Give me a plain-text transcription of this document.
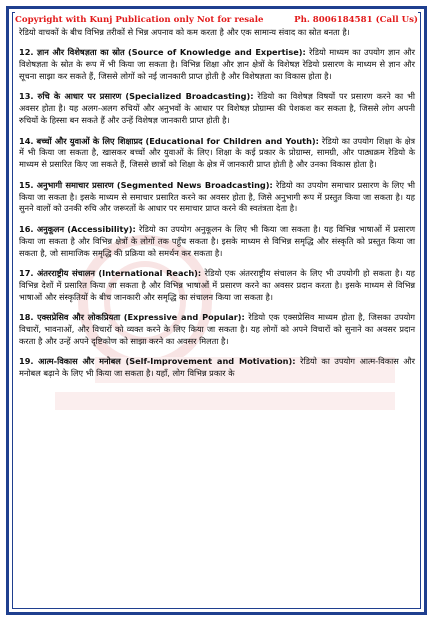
Copyright with Kunj Publication only Not for resale	Ph. 8006184581 (Call Us)

रेडियो वाचकों के बीच विभिन्न तरीकों से भिन्न अपनाव को कम करता है और एक सामान्य संवाद का स्रोत बनता है।

12. ज्ञान और विशेषज्ञता का स्रोत (Source of Knowledge and Expertise): रेडियो माध्यम का उपयोग ज्ञान और विशेषज्ञता के स्रोत के रूप में भी किया जा सकता है। विभिन्न शिक्षा और ज्ञान क्षेत्रों के विशेषज्ञ रेडियो प्रसारण के माध्यम से ज्ञान और सूचना साझा कर सकते हैं, जिससे लोगों को नई जानकारी प्राप्त होती है और विशेषज्ञता का विकास होता है।

13. रुचि के आधार पर प्रसारण (Specialized Broadcasting): रेडियो का विशेषज्ञ विषयों पर प्रसारण करने का भी अवसर होता है। यह अलग-अलग रुचियों और अनुभवों के आधार पर विशेषज्ञ प्रोग्राम्स की पेशकश कर सकता है, जिससे लोग अपनी रुचियों के हिस्सा बन सकते हैं और उन्हें विशेषज्ञ जानकारी प्राप्त होती है।

14. बच्चों और युवाओं के लिए शिक्षाप्रद (Educational for Children and Youth): रेडियो का उपयोग शिक्षा के क्षेत्र में भी किया जा सकता है, खासकर बच्चों और युवाओं के लिए। शिक्षा के कई प्रकार के प्रोग्राम्स, सामग्री, और पाठ्यक्रम रेडियो के माध्यम से प्रसारित किए जा सकते हैं, जिससे छात्रों को शिक्षा के क्षेत्र में जानकारी प्राप्त होती है और उनका विकास होता है।

15. अनुभागी समाचार प्रसारण (Segmented News Broadcasting): रेडियो का उपयोग समाचार प्रसारण के लिए भी किया जा सकता है। इसके माध्यम से समाचार प्रसारित करने का अवसर होता है, जिसे अनुभागी रूप में प्रस्तुत किया जा सकता है। यह सुनने वालों को उनकी रुचि और जरूरतों के आधार पर समाचार प्राप्त करने की स्वतंत्रता देता है।

16. अनुकूलन (Accessibility): रेडियो का उपयोग अनुकूलन के लिए भी किया जा सकता है। यह विभिन्न भाषाओं में प्रसारण किया जा सकता है और विभिन्न क्षेत्रों के लोगों तक पहुँच सकता है। इसके माध्यम से विभिन्न समृद्धि और संस्कृति को प्रस्तुत किया जा सकता है, जो सामाजिक समृद्धि की प्रक्रिया को समर्थन कर सकता है।

17. अंतरराष्ट्रीय संचालन (International Reach): रेडियो एक अंतरराष्ट्रीय संचालन के लिए भी उपयोगी हो सकता है। यह विभिन्न देशों में प्रसारित किया जा सकता है और विभिन्न भाषाओं में प्रसारण करने का अवसर प्रदान करता है। इसके माध्यम से विभिन्न भाषाओं और संस्कृतियों के बीच जानकारी और समृद्धि का संचालन किया जा सकता है।

18. एक्सप्रेसिव और लोकप्रियता (Expressive and Popular): रेडियो एक एक्सप्रेसिव माध्यम होता है, जिसका उपयोग विचारों, भावनाओं, और विचारों को व्यक्त करने के लिए किया जा सकता है। यह लोगों को अपने विचारों को सुनाने का अवसर प्रदान करता है और उन्हें अपने दृष्टिकोण को साझा करने का अवसर मिलता है।

19. आत्म-विकास और मनोबल (Self-Improvement and Motivation): रेडियो का उपयोग आत्म-विकास और मनोबल बढ़ाने के लिए भी किया जा सकता है। यहाँ, लोग विभिन्न प्रकार के
